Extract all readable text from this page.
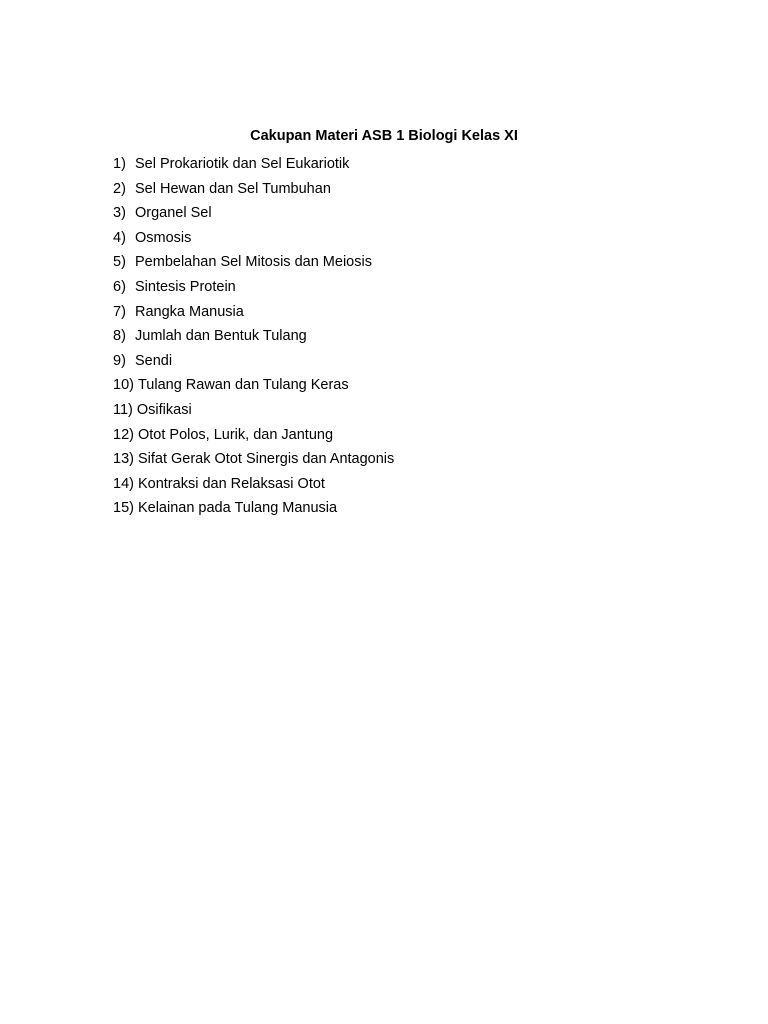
Cakupan Materi ASB 1 Biologi Kelas XI
1) Sel Prokariotik dan Sel Eukariotik
2) Sel Hewan dan Sel Tumbuhan
3) Organel Sel
4) Osmosis
5) Pembelahan Sel Mitosis dan Meiosis
6) Sintesis Protein
7) Rangka Manusia
8) Jumlah dan Bentuk Tulang
9) Sendi
10) Tulang Rawan dan Tulang Keras
11) Osifikasi
12) Otot Polos, Lurik, dan Jantung
13) Sifat Gerak Otot Sinergis dan Antagonis
14) Kontraksi dan Relaksasi Otot
15) Kelainan pada Tulang Manusia
